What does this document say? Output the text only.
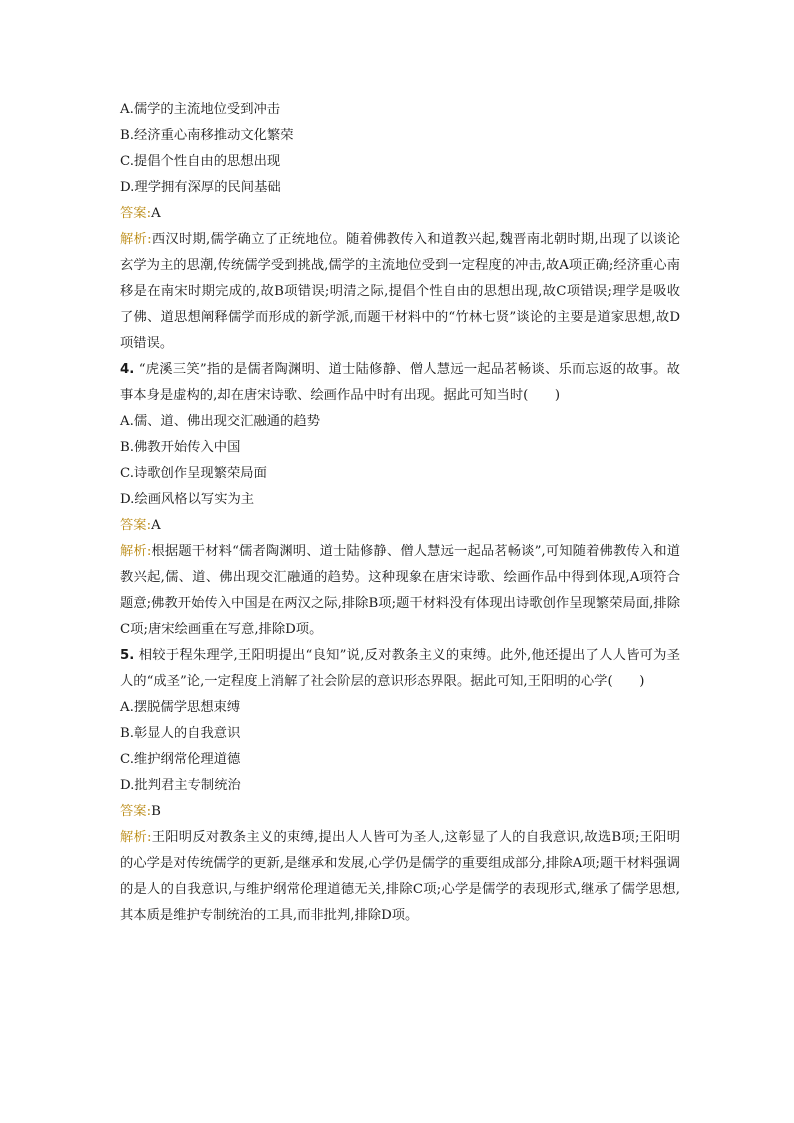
A.儒学的主流地位受到冲击
B.经济重心南移推动文化繁荣
C.提倡个性自由的思想出现
D.理学拥有深厚的民间基础
答案:A
解析:西汉时期,儒学确立了正统地位。随着佛教传入和道教兴起,魏晋南北朝时期,出现了以谈论玄学为主的思潮,传统儒学受到挑战,儒学的主流地位受到一定程度的冲击,故A项正确;经济重心南移是在南宋时期完成的,故B项错误;明清之际,提倡个性自由的思想出现,故C项错误;理学是吸收了佛、道思想阐释儒学而形成的新学派,而题干材料中的“竹林七贤”谈论的主要是道家思想,故D项错误。
4. “虎溪三笑”指的是儒者陶渊明、道士陆修静、僧人慧远一起品茗畅谈、乐而忘返的故事。故事本身是虚构的,却在唐宋诗歌、绘画作品中时有出现。据此可知当时(　　)
A.儒、道、佛出现交汇融通的趋势
B.佛教开始传入中国
C.诗歌创作呈现繁荣局面
D.绘画风格以写实为主
答案:A
解析:根据题干材料“儒者陶渊明、道士陆修静、僧人慧远一起品茗畅谈”,可知随着佛教传入和道教兴起,儒、道、佛出现交汇融通的趋势。这种现象在唐宋诗歌、绘画作品中得到体现,A项符合题意;佛教开始传入中国是在两汉之际,排除B项;题干材料没有体现出诗歌创作呈现繁荣局面,排除C项;唐宋绘画重在写意,排除D项。
5. 相较于程朱理学,王阳明提出“良知”说,反对教条主义的束缚。此外,他还提出了人人皆可为圣人的“成圣”论,一定程度上消解了社会阶层的意识形态界限。据此可知,王阳明的心学(　　)
A.摆脱儒学思想束缚
B.彰显人的自我意识
C.维护纲常伦理道德
D.批判君主专制统治
答案:B
解析:王阳明反对教条主义的束缚,提出人人皆可为圣人,这彰显了人的自我意识,故选B项;王阳明的心学是对传统儒学的更新,是继承和发展,心学仍是儒学的重要组成部分,排除A项;题干材料强调的是人的自我意识,与维护纲常伦理道德无关,排除C项;心学是儒学的表现形式,继承了儒学思想,其本质是维护专制统治的工具,而非批判,排除D项。
